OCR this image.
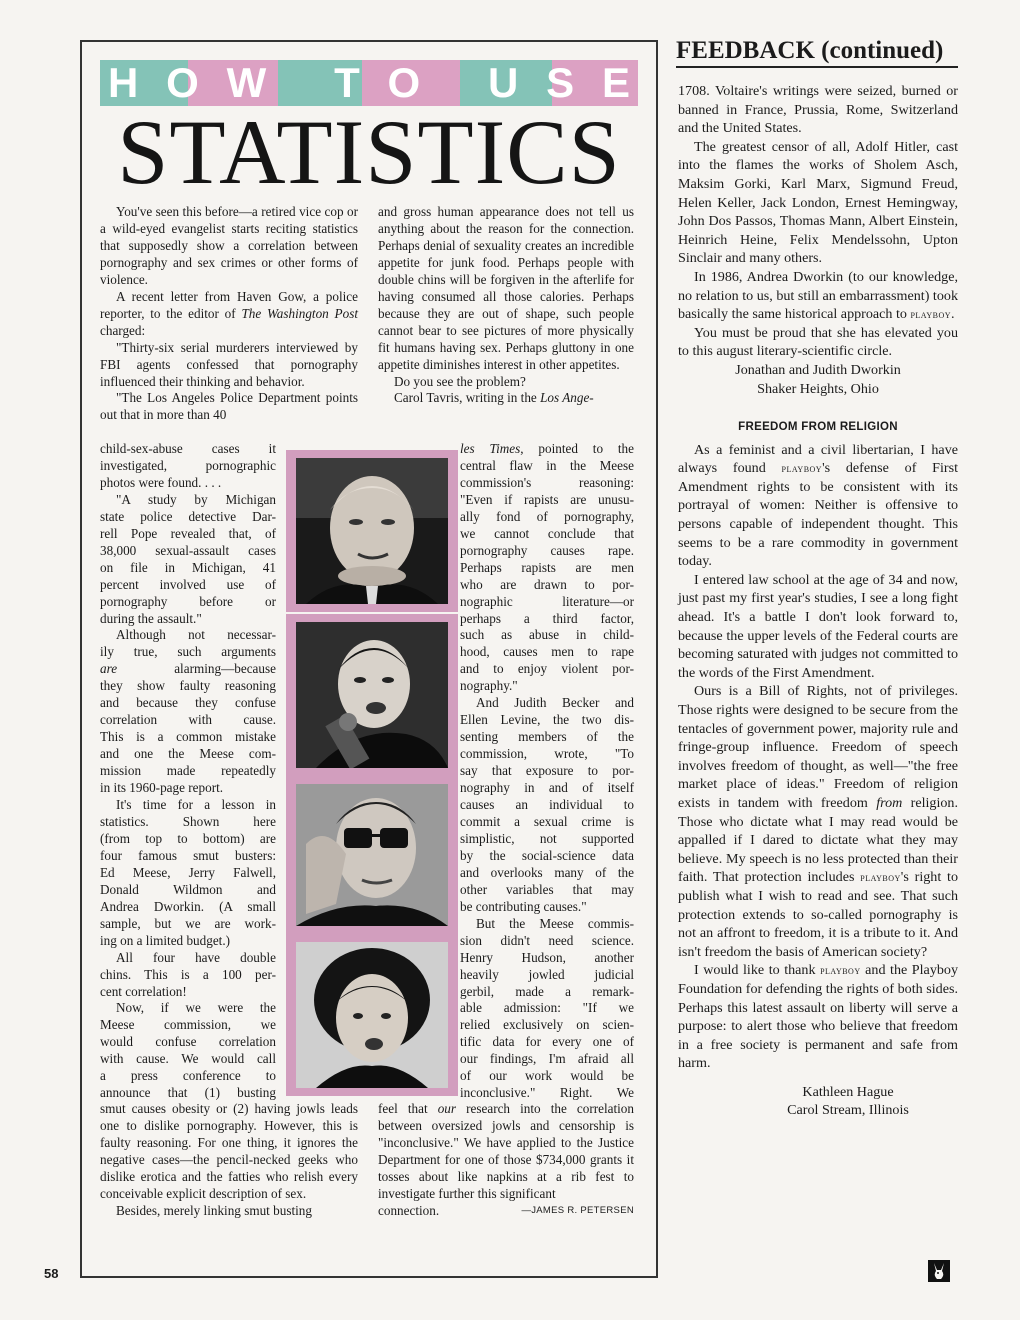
H O W T O U S E
STATISTICS

You've seen this before—a retired vice cop or a wild-eyed evangelist starts reciting statistics that supposedly show a correlation between pornography and sex crimes or other forms of violence.

A recent letter from Haven Gow, a police reporter, to the editor of The Washington Post charged:

"Thirty-six serial murderers interviewed by FBI agents confessed that pornography influenced their thinking and behavior.

"The Los Angeles Police Department points out that in more than 40

child-sex-abuse cases it
investigated, pornographic
photos were found. . . .
"A study by Michigan
state police detective Dar-
rell Pope revealed that, of
38,000 sexual-assault cases
on file in Michigan, 41
percent involved use of
pornography before or
during the assault."
Although not necessar-
ily true, such arguments
are alarming—because
they show faulty reasoning
and because they confuse
correlation with cause.
This is a common mistake
and one the Meese com-
mission made repeatedly
in its 1960-page report.
It's time for a lesson in
statistics. Shown here
(from top to bottom) are
four famous smut busters:
Ed Meese, Jerry Falwell,
Donald Wildmon and
Andrea Dworkin. (A small
sample, but we are work-
ing on a limited budget.)
All four have double
chins. This is a 100 per-
cent correlation!
Now, if we were the
Meese commission, we
would confuse correlation
with cause. We would call
a press conference to
announce that (1) busting

smut causes obesity or (2) having jowls leads one to dislike pornography. However, this is faulty reasoning. For one thing, it ignores the negative cases—the pencil-necked geeks who dislike erotica and the fatties who relish every conceivable explicit description of sex.

Besides, merely linking smut busting

and gross human appearance does not tell us anything about the reason for the connection. Perhaps denial of sexuality creates an incredible appetite for junk food. Perhaps people with double chins will be forgiven in the afterlife for having consumed all those calories. Perhaps because they are out of shape, such people cannot bear to see pictures of more physically fit humans having sex. Perhaps gluttony in one appetite diminishes interest in other appetites.

Do you see the problem?

Carol Tavris, writing in the Los Ange-

les Times, pointed to the
central flaw in the Meese
commission's reasoning:
"Even if rapists are unusu-
ally fond of pornography,
we cannot conclude that
pornography causes rape.
Perhaps rapists are men
who are drawn to por-
nographic literature—or
perhaps a third factor,
such as abuse in child-
hood, causes men to rape
and to enjoy violent por-
nography."
And Judith Becker and
Ellen Levine, the two dis-
senting members of the
commission, wrote, "To
say that exposure to por-
nography in and of itself
causes an individual to
commit a sexual crime is
simplistic, not supported
by the social-science data
and overlooks many of the
other variables that may
be contributing causes."
But the Meese commis-
sion didn't need science.
Henry Hudson, another
heavily jowled judicial
gerbil, made a remark-
able admission: "If we
relied exclusively on scien-
tific data for every one of
our findings, I'm afraid all
of our work would be
inconclusive." Right. We

feel that our research into the correlation between oversized jowls and censorship is "inconclusive." We have applied to the Justice Department for one of those $734,000 grants it tosses about like napkins at a rib fest to investigate further this significant

connection.	—JAMES R. PETERSEN

FEEDBACK (continued)

1708. Voltaire's writings were seized, burned or banned in France, Prussia, Rome, Switzerland and the United States.

The greatest censor of all, Adolf Hitler, cast into the flames the works of Sholem Asch, Maksim Gorki, Karl Marx, Sigmund Freud, Helen Keller, Jack London, Ernest Hemingway, John Dos Passos, Thomas Mann, Albert Einstein, Heinrich Heine, Felix Mendelssohn, Upton Sinclair and many others.

In 1986, Andrea Dworkin (to our knowledge, no relation to us, but still an embarrassment) took basically the same historical approach to playboy.

You must be proud that she has elevated you to this august literary-scientific circle.

Jonathan and Judith Dworkin

Shaker Heights, Ohio

FREEDOM FROM RELIGION

As a feminist and a civil libertarian, I have always found playboy's defense of First Amendment rights to be consistent with its portrayal of women: Neither is offensive to persons capable of independent thought. This seems to be a rare commodity in government today.

I entered law school at the age of 34 and now, just past my first year's studies, I see a long fight ahead. It's a battle I don't look forward to, because the upper levels of the Federal courts are becoming saturated with judges not committed to the words of the First Amendment.

Ours is a Bill of Rights, not of privileges. Those rights were designed to be secure from the tentacles of government power, majority rule and fringe-group influence. Freedom of speech involves freedom of thought, as well—"the free market place of ideas." Freedom of religion exists in tandem with freedom from religion. Those who dictate what I may read would be appalled if I dared to dictate what they may believe. My speech is no less protected than their faith. That protection includes playboy's right to publish what I wish to read and see. That such protection extends to so-called pornography is not an affront to freedom, it is a tribute to it. And isn't freedom the basis of American society?

I would like to thank playboy and the Playboy Foundation for defending the rights of both sides. Perhaps this latest assault on liberty will serve a purpose: to alert those who believe that freedom in a free society is permanent and safe from harm.

Kathleen Hague

Carol Stream, Illinois

58
